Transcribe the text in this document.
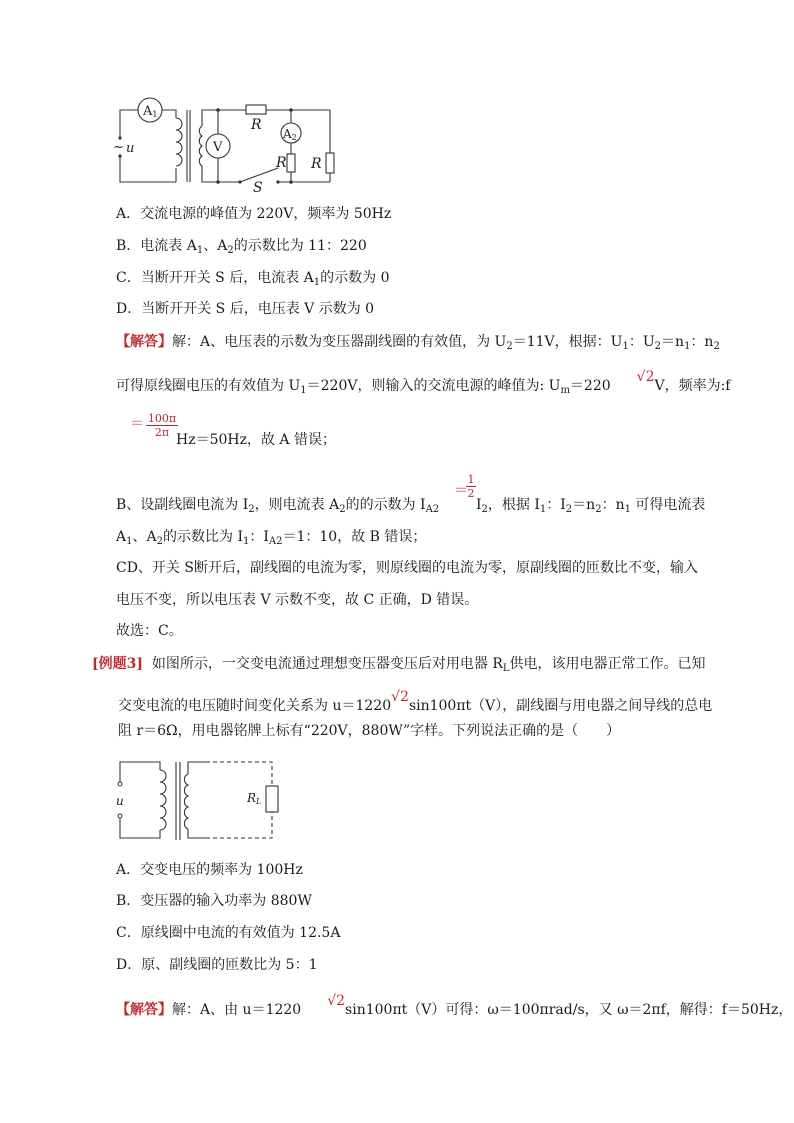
A1
~ u	V
R
A2
R R
S
A．交流电源的峰值为 220V，频率为 50Hz
B．电流表 $A_1$、$A_2$的示数比为 11：220
C．当断开开关 S 后，电流表 $A_1$的示数为 0
D．当断开开关 S 后，电压表 V 示数为 0
【解答】解：A、电压表的示数为变压器副线圈的有效值，为 $U_2=11V$，根据：$U_1$：$U_2=n_1$：$n_2$
可得原线圈电压的有效值为 $U_1=220V$，则输入的交流电源的峰值为: $U_m=220√2V$，频率为:f
＝ $\frac{100\pi}{2\pi}$
Hz＝50Hz，故 A 错误；
B、设副线圈电流为 $I_2$，则电流表 $A_2$的的示数为 $I_{A2}$
＝
$\frac{1}{2}$
$I_2$，根据 $I_1$：$I_2=n_2$：$n_1$ 可得电流表
$A_1$、$A_2$的示数比为 $I_1$：$I_{A2}=1$：10，故 B 错误；
CD、开关 S断开后，副线圈的电流为零，则原线圈的电流为零，原副线圈的匝数比不变，输入
电压不变，所以电压表 V 示数不变，故 C 正确，D 错误。
故选：C。
[例题3] 如图所示，一交变电流通过理想变压器变压后对用电器 $R_L$供电，该用电器正常工作。已知
交变电流的电压随时间变化关系为 u＝1220√2sin100πt（V），副线圈与用电器之间导线的总电
阻 r＝6Ω，用电器铭牌上标有“220V，880W”字样。下列说法正确的是（　　）
u	RL
A．交变电压的频率为 100Hz
B．变压器的输入功率为 880W
C．原线圈中电流的有效值为 12.5A
D．原、副线圈的匝数比为 5：1
【解答】解：A、由 u＝1220√2sin100πt（V）可得：ω＝100πrad/s，又 ω＝2πf，解得：f＝50Hz，
